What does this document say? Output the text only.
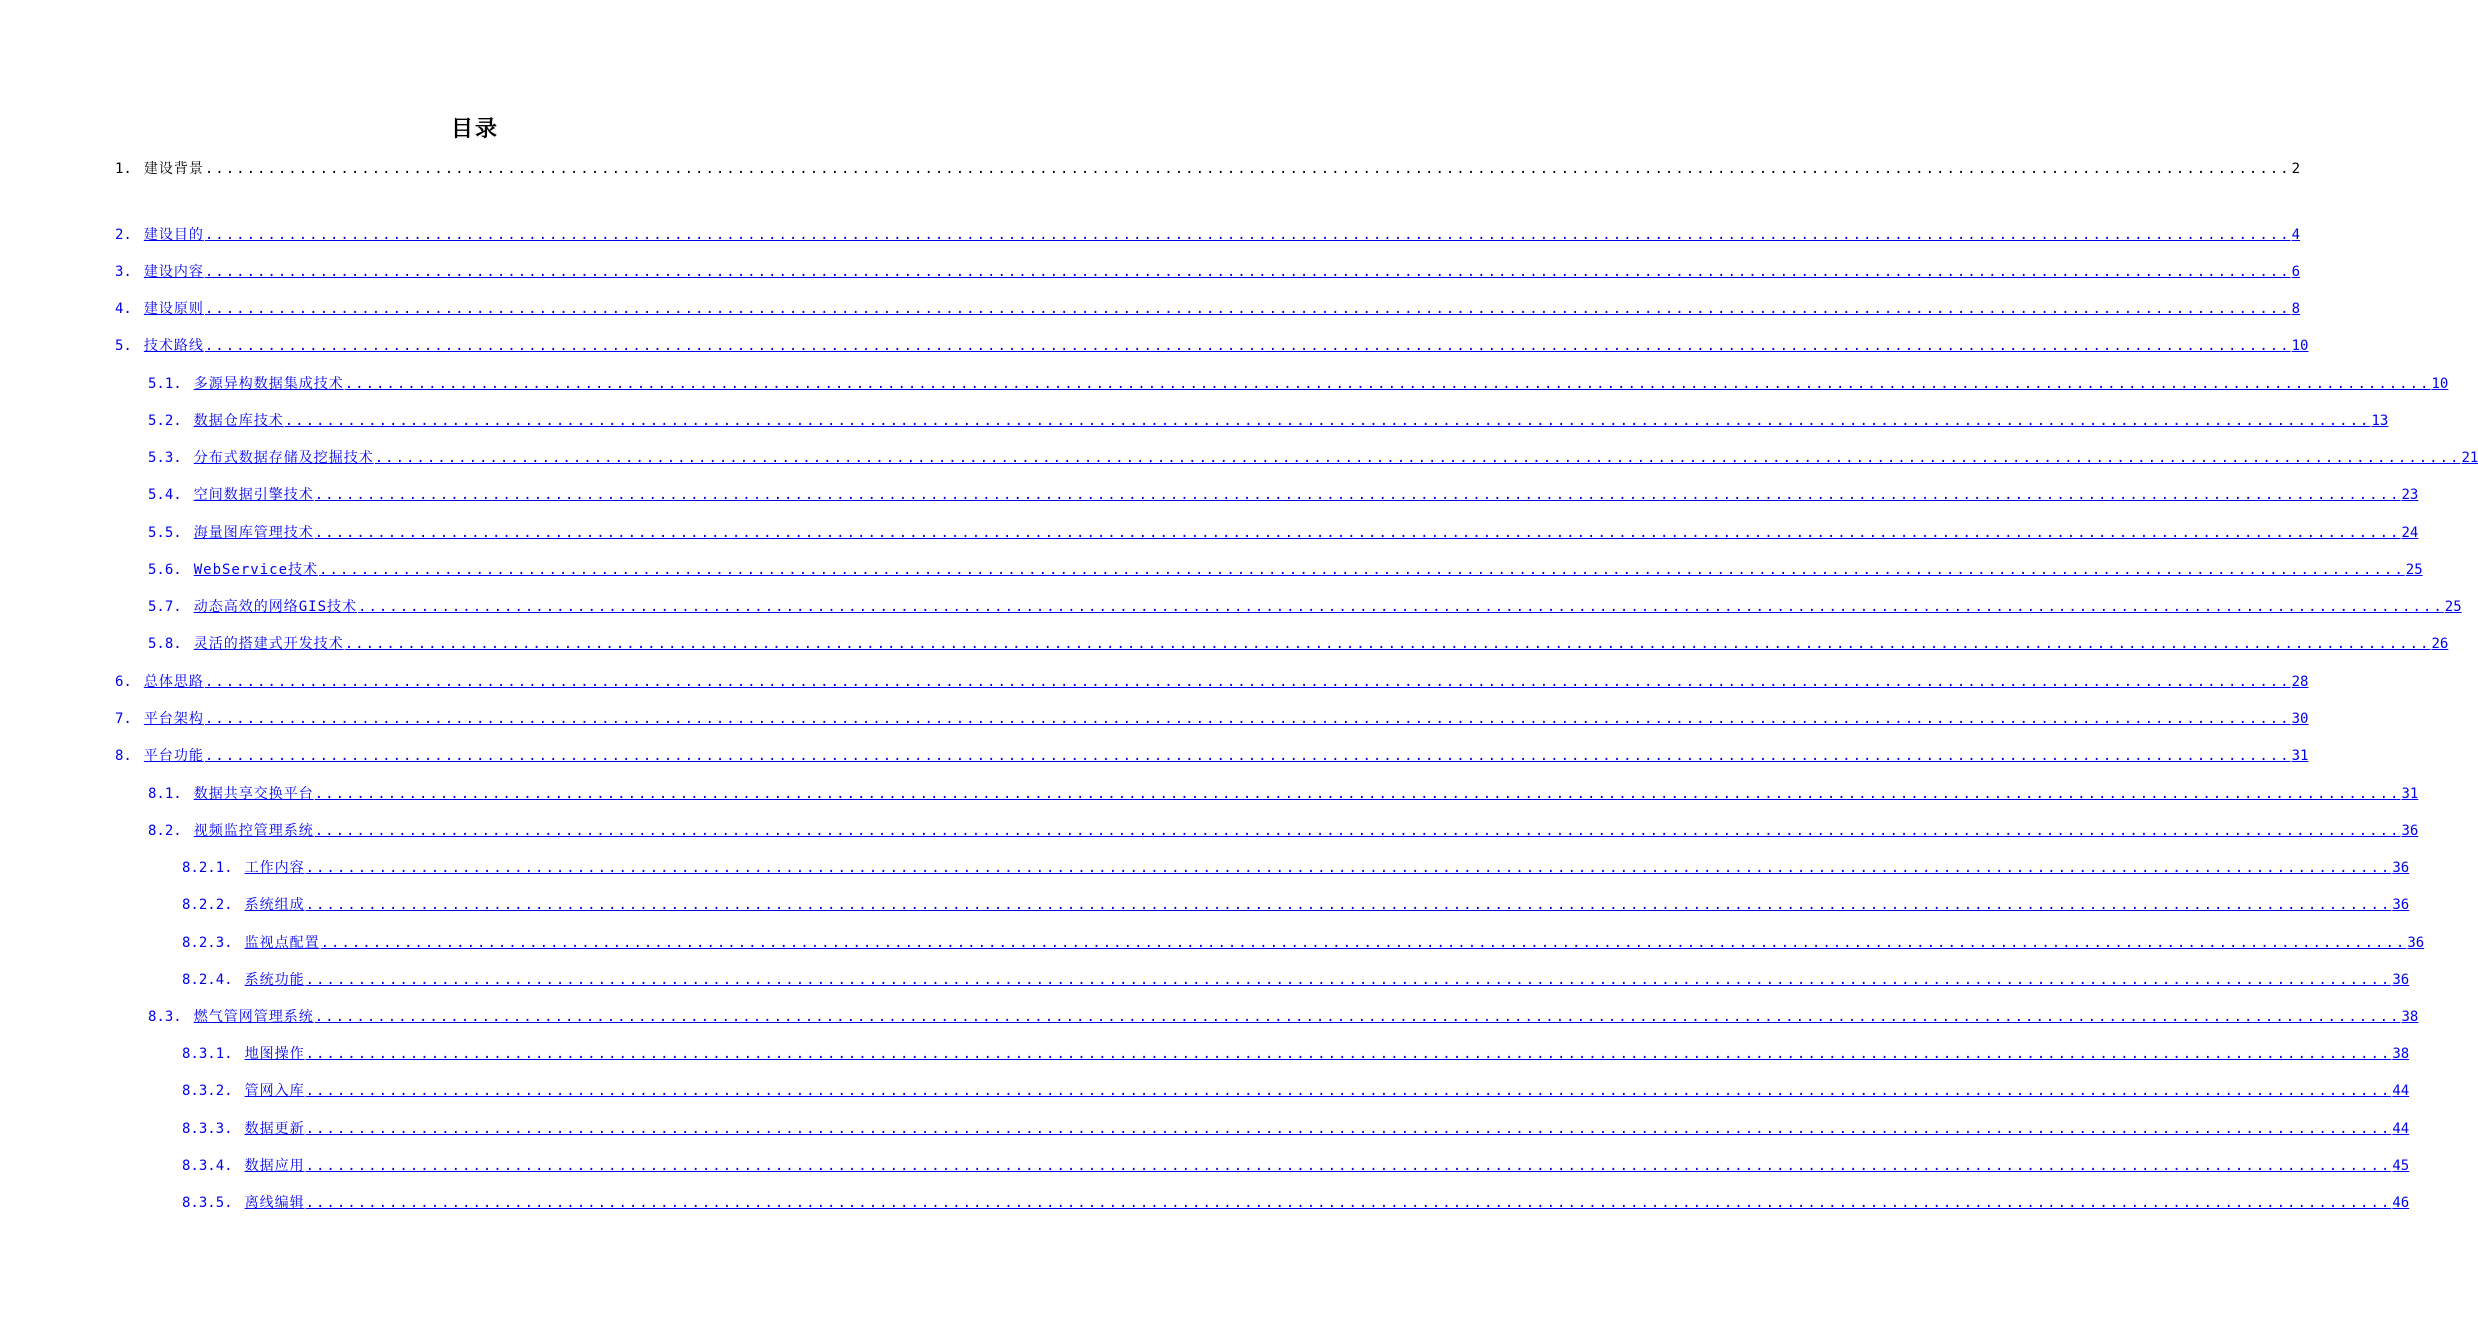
目录
1. 建设背景 ........................................................................................................................................................................................................ 2
2. 建设目的 ........................................................................................................................................................................................................ 4
3. 建设内容 ........................................................................................................................................................................................................ 6
4. 建设原则 ........................................................................................................................................................................................................ 8
5. 技术路线 ........................................................................................................................................................................................................ 10
5.1. 多源异构数据集成技术 ........................................................................................................................................................................................................ 10
5.2. 数据仓库技术 ........................................................................................................................................................................................................ 13
5.3. 分布式数据存储及挖掘技术 ........................................................................................................................................................................................................ 21
5.4. 空间数据引擎技术 ........................................................................................................................................................................................................ 23
5.5. 海量图库管理技术 ........................................................................................................................................................................................................ 24
5.6. WebService技术 ........................................................................................................................................................................................................ 25
5.7. 动态高效的网络GIS技术 ........................................................................................................................................................................................................ 25
5.8. 灵活的搭建式开发技术 ........................................................................................................................................................................................................ 26
6. 总体思路 ........................................................................................................................................................................................................ 28
7. 平台架构 ........................................................................................................................................................................................................ 30
8. 平台功能 ........................................................................................................................................................................................................ 31
8.1. 数据共享交换平台 ........................................................................................................................................................................................................ 31
8.2. 视频监控管理系统 ........................................................................................................................................................................................................ 36
8.2.1. 工作内容 ........................................................................................................................................................................................................ 36
8.2.2. 系统组成 ........................................................................................................................................................................................................ 36
8.2.3. 监视点配置 ........................................................................................................................................................................................................ 36
8.2.4. 系统功能 ........................................................................................................................................................................................................ 36
8.3. 燃气管网管理系统 ........................................................................................................................................................................................................ 38
8.3.1. 地图操作 ........................................................................................................................................................................................................ 38
8.3.2. 管网入库 ........................................................................................................................................................................................................ 44
8.3.3. 数据更新 ........................................................................................................................................................................................................ 44
8.3.4. 数据应用 ........................................................................................................................................................................................................ 45
8.3.5. 离线编辑 ........................................................................................................................................................................................................ 46
